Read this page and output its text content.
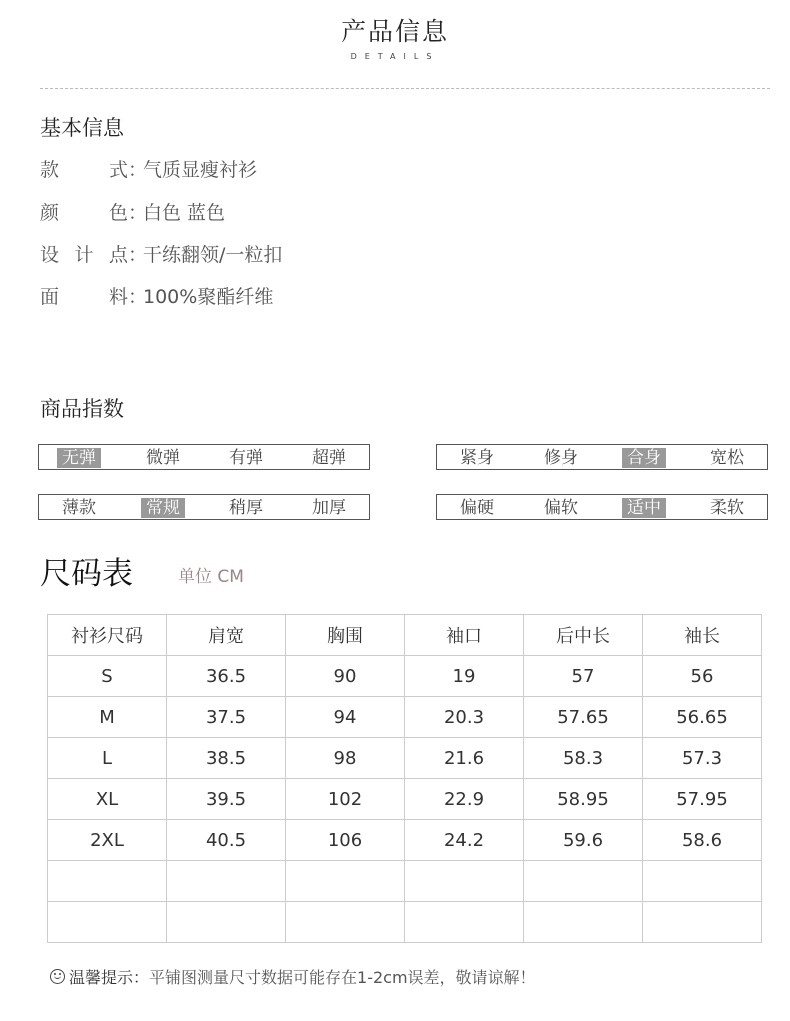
产品信息
DETAILS
基本信息
款	式 ：
气质显瘦衬衫
颜	色 ：
白色 蓝色
设 计 点 ：
干练翻领/一粒扣
面	料 ：
100%聚酯纤维
商品指数
无弹	微弹	有弹	超弹	紧身	修身	合身	宽松
薄款	常规	稍厚	加厚	偏硬	偏软	适中	柔软
尺码表	单位 CM
衬衫尺码	肩宽	胸围	袖口	后中长	袖长
S	36.5	90	19	57	56
M	37.5	94	20.3	57.65	56.65
L	38.5	98	21.6	58.3	57.3
XL	39.5	102	22.9	58.95	57.95
2XL	40.5	106	24.2	59.6	58.6

温馨提示： 平铺图测量尺寸数据可能存在1-2cm误差，敬请谅解！
